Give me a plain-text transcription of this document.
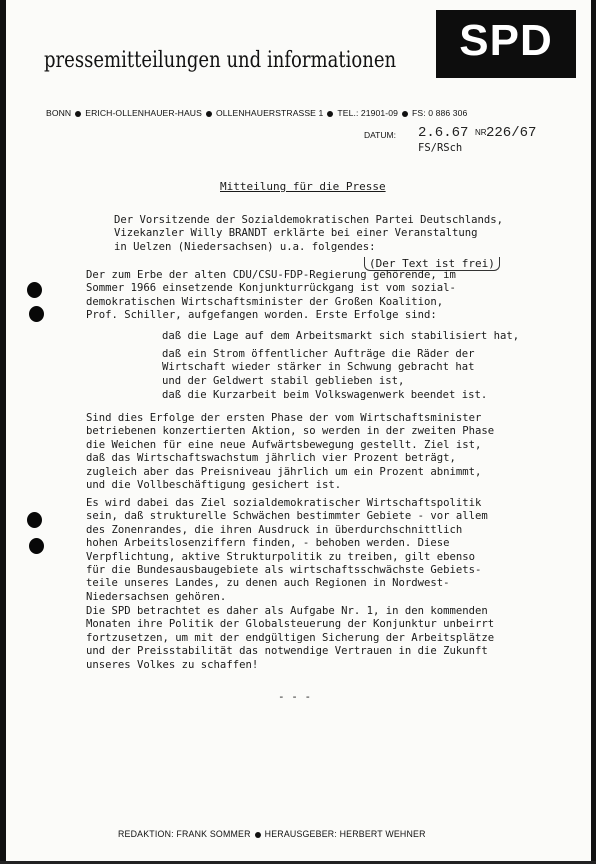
pressemitteilungen und informationen	SPD
BONN ERICH-OLLENHAUER-HAUS OLLENHAUERSTRASSE 1 TEL.: 21901-09 FS: 0 886 306
DATUM: 2.6.67 NR 226/67
FS/RSch
Mitteilung für die Presse
Der Vorsitzende der Sozialdemokratischen Partei Deutschlands,
Vizekanzler Willy BRANDT erklärte bei einer Veranstaltung
in Uelzen (Niedersachsen) u.a. folgendes:
(Der Text ist frei)
Der zum Erbe der alten CDU/CSU-FDP-Regierung gehörende, im
Sommer 1966 einsetzende Konjunkturrückgang ist vom sozial-
demokratischen Wirtschaftsminister der Großen Koalition,
Prof. Schiller, aufgefangen worden. Erste Erfolge sind:
daß die Lage auf dem Arbeitsmarkt sich stabilisiert hat,
daß ein Strom öffentlicher Aufträge die Räder der
Wirtschaft wieder stärker in Schwung gebracht hat
und der Geldwert stabil geblieben ist,
daß die Kurzarbeit beim Volkswagenwerk beendet ist.
Sind dies Erfolge der ersten Phase der vom Wirtschaftsminister
betriebenen konzertierten Aktion, so werden in der zweiten Phase
die Weichen für eine neue Aufwärtsbewegung gestellt. Ziel ist,
daß das Wirtschaftswachstum jährlich vier Prozent beträgt,
zugleich aber das Preisniveau jährlich um ein Prozent abnimmt,
und die Vollbeschäftigung gesichert ist.
Es wird dabei das Ziel sozialdemokratischer Wirtschaftspolitik
sein, daß strukturelle Schwächen bestimmter Gebiete - vor allem
des Zonenrandes, die ihren Ausdruck in überdurchschnittlich
hohen Arbeitslosenziffern finden, - behoben werden. Diese
Verpflichtung, aktive Strukturpolitik zu treiben, gilt ebenso
für die Bundesausbaugebiete als wirtschaftsschwächste Gebiets-
teile unseres Landes, zu denen auch Regionen in Nordwest-
Niedersachsen gehören.
Die SPD betrachtet es daher als Aufgabe Nr. 1, in den kommenden
Monaten ihre Politik der Globalsteuerung der Konjunktur unbeirrt
fortzusetzen, um mit der endgültigen Sicherung der Arbeitsplätze
und der Preisstabilität das notwendige Vertrauen in die Zukunft
unseres Volkes zu schaffen!
- - -
REDAKTION: FRANK SOMMER HERAUSGEBER: HERBERT WEHNER
